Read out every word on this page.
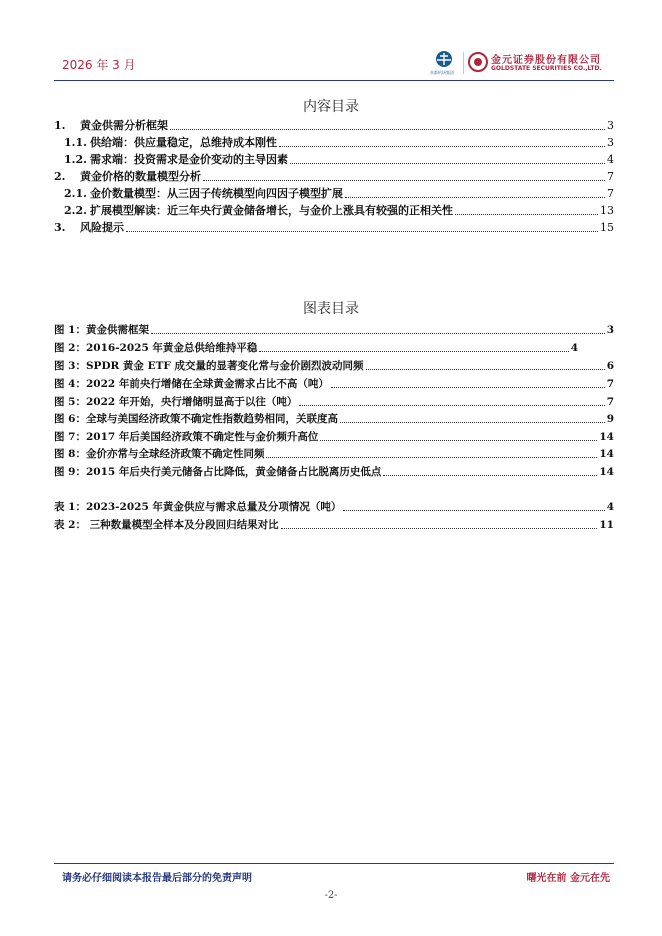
2026 年 3 月
首都机场集团
金元证券股份有限公司
GOLDSTATE SECURITIES CO.,LTD.
内容目录
1.	黄金供需分析框架	3
1.1. 供给端：供应量稳定，总维持成本刚性	3
1.2. 需求端：投资需求是金价变动的主导因素	4
2.	黄金价格的数量模型分析	7
2.1. 金价数量模型：从三因子传统模型向四因子模型扩展	7
2.2. 扩展模型解读：近三年央行黄金储备增长，与金价上涨具有较强的正相关性	13
3.	风险提示	15
图表目录
图 1：黄金供需框架	3
图 2：2016-2025 年黄金总供给维持平稳	4
图 3：SPDR 黄金 ETF 成交量的显著变化常与金价剧烈波动同频	6
图 4：2022 年前央行增储在全球黄金需求占比不高（吨）	7
图 5：2022 年开始，央行增储明显高于以往（吨）	7
图 6：全球与美国经济政策不确定性指数趋势相同，关联度高	9
图 7：2017 年后美国经济政策不确定性与金价频升高位	14
图 8：金价亦常与全球经济政策不确定性同频	14
图 9：2015 年后央行美元储备占比降低，黄金储备占比脱离历史低点	14
表 1：2023-2025 年黄金供应与需求总量及分项情况（吨）	4
表 2： 三种数量模型全样本及分段回归结果对比	11
请务必仔细阅读本报告最后部分的免责声明	曙光在前 金元在先
-2-
